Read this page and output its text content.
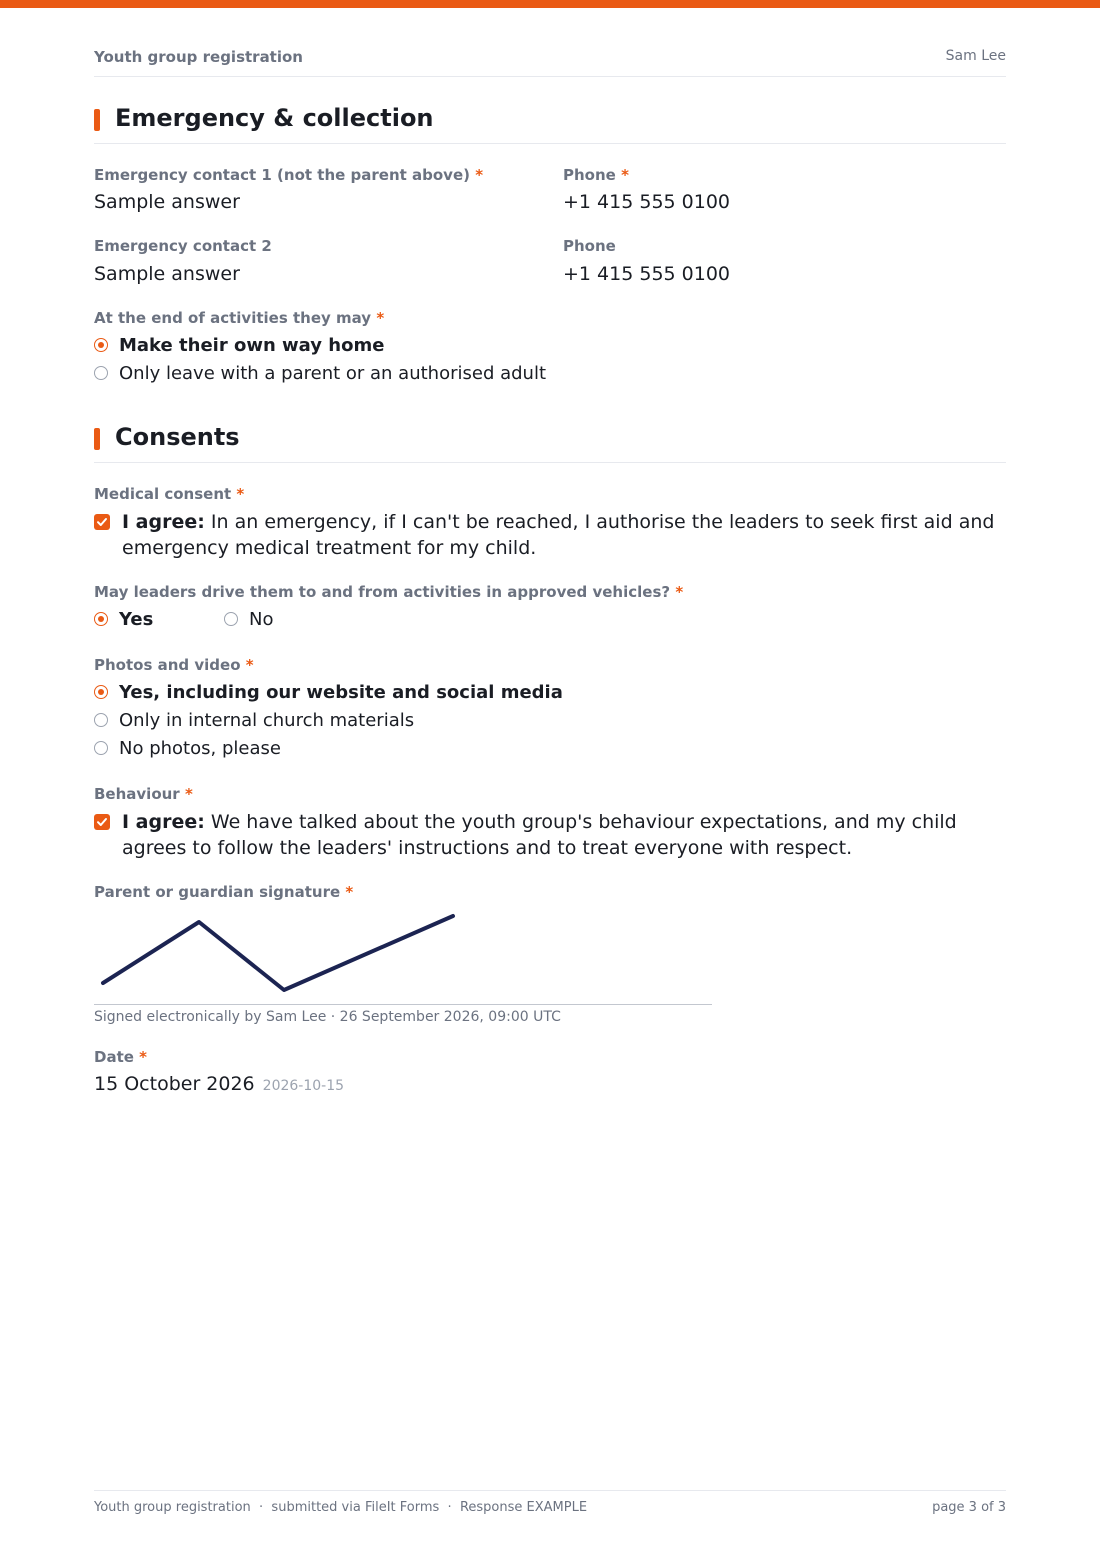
Youth group registration	Sam Lee
Emergency & collection
Emergency contact 1 (not the parent above) *
Sample answer
Phone *
+1 415 555 0100
Emergency contact 2
Sample answer
Phone
+1 415 555 0100
At the end of activities they may *
Make their own way home
Only leave with a parent or an authorised adult
Consents
Medical consent *
I agree: In an emergency, if I can't be reached, I authorise the leaders to seek first aid and emergency medical treatment for my child.
May leaders drive them to and from activities in approved vehicles? *
Yes	No
Photos and video *
Yes, including our website and social media
Only in internal church materials
No photos, please
Behaviour *
I agree: We have talked about the youth group's behaviour expectations, and my child agrees to follow the leaders' instructions and to treat everyone with respect.
Parent or guardian signature *
Signed electronically by Sam Lee · 26 September 2026, 09:00 UTC
Date *
15 October 2026 2026-10-15
Youth group registration  ·  submitted via FileIt Forms  ·  Response EXAMPLE	page 3 of 3
